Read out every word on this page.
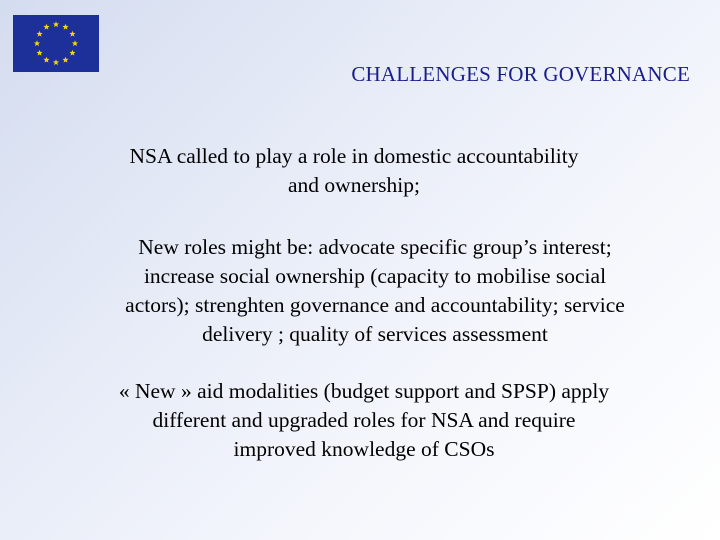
CHALLENGES FOR GOVERNANCE

NSA called to play a role in domestic accountability
and ownership;

New roles might be: advocate specific group’s interest;
increase social ownership (capacity to mobilise social
actors); strenghten governance and accountability; service
delivery ; quality of services assessment

« New » aid modalities (budget support and SPSP) apply
different and upgraded roles for NSA and require
improved knowledge of CSOs
